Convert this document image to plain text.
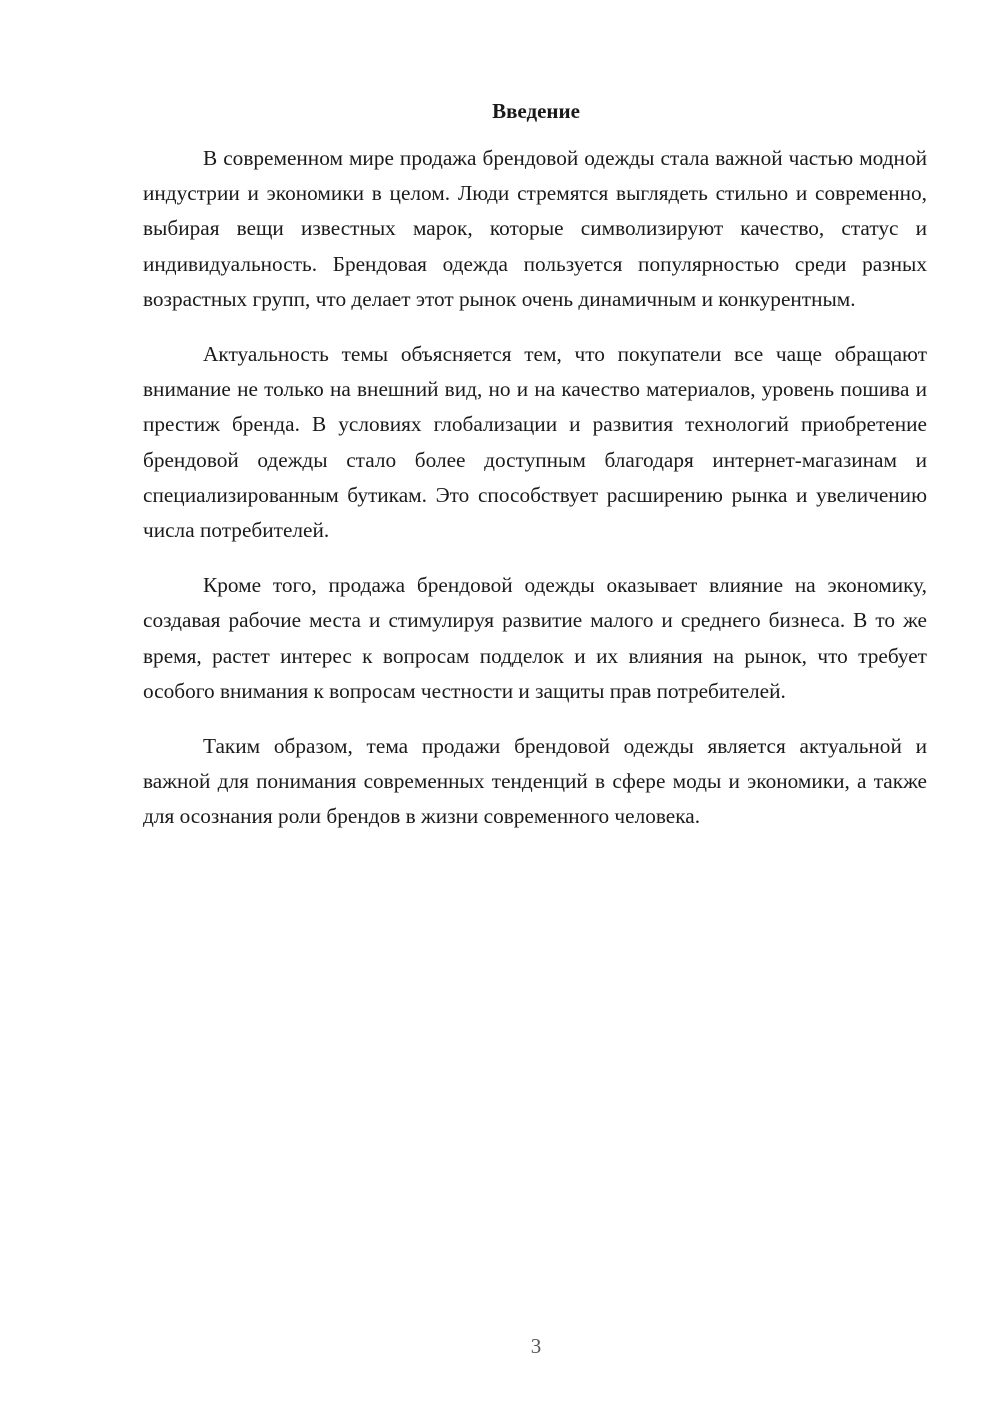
Введение

В современном мире продажа брендовой одежды стала важной частью модной индустрии и экономики в целом. Люди стремятся выглядеть стильно и современно, выбирая вещи известных марок, которые символизируют качество, статус и индивидуальность. Брендовая одежда пользуется популярностью среди разных возрастных групп, что делает этот рынок очень динамичным и конкурентным.

Актуальность темы объясняется тем, что покупатели все чаще обращают внимание не только на внешний вид, но и на качество материалов, уровень пошива и престиж бренда. В условиях глобализации и развития технологий приобретение брендовой одежды стало более доступным благодаря интернет-магазинам и специализированным бутикам. Это способствует расширению рынка и увеличению числа потребителей.

Кроме того, продажа брендовой одежды оказывает влияние на экономику, создавая рабочие места и стимулируя развитие малого и среднего бизнеса. В то же время, растет интерес к вопросам подделок и их влияния на рынок, что требует особого внимания к вопросам честности и защиты прав потребителей.

Таким образом, тема продажи брендовой одежды является актуальной и важной для понимания современных тенденций в сфере моды и экономики, а также для осознания роли брендов в жизни современного человека.

3
